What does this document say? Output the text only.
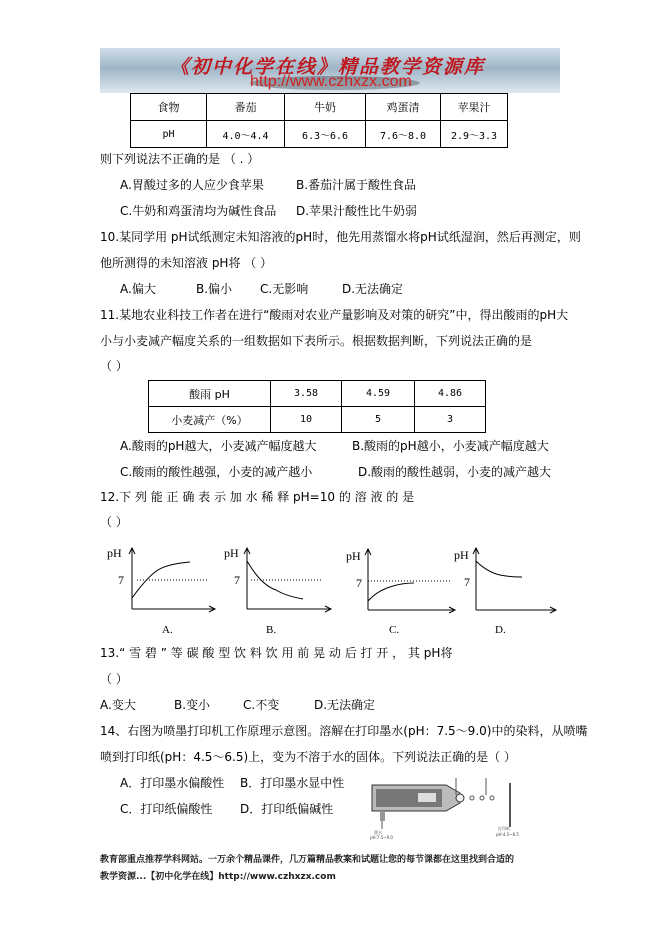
《初中化学在线》精品教学资源库
http://www.czhxzx.com
食物	番茄	牛奶	鸡蛋清	苹果汁
pH	4.0～4.4	6.3～6.6	7.6～8.0	2.9～3.3
则下列说法不正确的是 （ . ）
A.胃酸过多的人应少食苹果	B.番茄汁属于酸性食品
C.牛奶和鸡蛋清均为碱性食品 D.苹果汁酸性比牛奶弱
10.某同学用 pH试纸测定未知溶液的pH时，他先用蒸馏水将pH试纸湿润，然后再测定，则
他所测得的未知溶液 pH将 （ ）
A.偏大	B.偏小 C.无影响	D.无法确定
11.某地农业科技工作者在进行“酸雨对农业产量影响及对策的研究”中，得出酸雨的pH大
小与小麦减产幅度关系的一组数据如下表所示。根据数据判断，下列说法正确的是
（ ）
酸雨 pH	3.58	4.59	4.86
小麦减产（%）	10	5	3
A.酸雨的pH越大，小麦减产幅度越大	B.酸雨的pH越小，小麦减产幅度越大
C.酸雨的酸性越强，小麦的减产越小	D.酸雨的酸性越弱，小麦的减产越大
12.下 列 能 正 确 表 示 加 水 稀 释 pH=10 的 溶 液 的 是
（ ）
pH
7
A.
pH
7
B.
pH
7
C.
pH
7
D.
13.“ 雪 碧 ” 等 碳 酸 型 饮 料 饮 用 前 晃 动 后 打 开 ， 其 pH将
（ ）
A.变大	B.变小	C.不变	D.无法确定
14、右图为喷墨打印机工作原理示意图。溶解在打印墨水(pH：7.5～9.0)中的染料，从喷嘴
喷到打印纸(pH：4.5～6.5)上，变为不溶于水的固体。下列说法正确的是（ ）
A．打印墨水偏酸性 B．打印墨水显中性
C．打印纸偏酸性 D．打印纸偏碱性
墨水
pH:7.5~9.0
打印纸
pH:4.5~6.5
教育部重点推荐学科网站。一万余个精品课件，几万篇精品教案和试题让您的每节课都在这里找到合适的
教学资源...【初中化学在线】http://www.czhxzx.com
